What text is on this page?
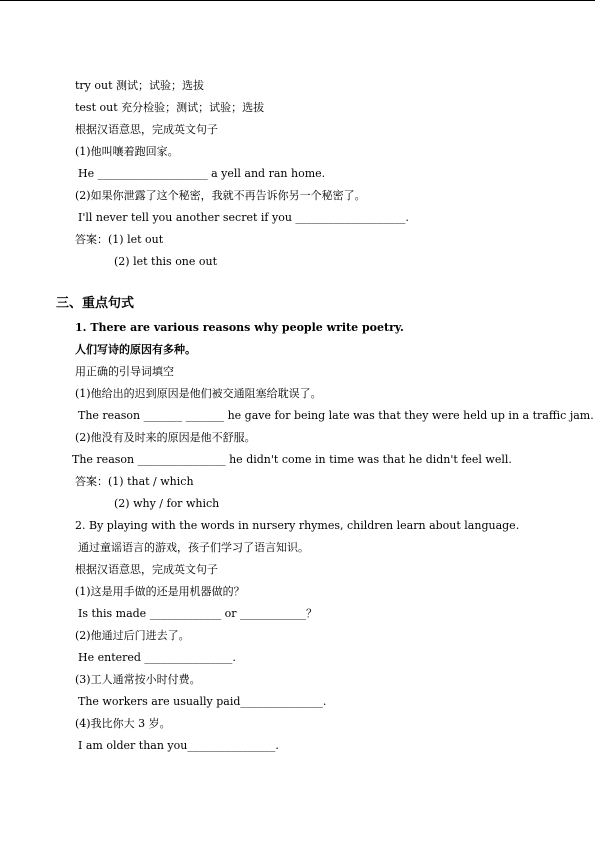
try out 测试；试验；选拔
test out 充分检验；测试；试验；选拔
根据汉语意思，完成英文句子
(1)他叫嚷着跑回家。
He ____________________ a yell and ran home.
(2)如果你泄露了这个秘密，我就不再告诉你另一个秘密了。
I'll never tell you another secret if you ____________________.
答案：(1) let out
(2) let this one out
三、重点句式
1. There are various reasons why people write poetry.
人们写诗的原因有多种。
用正确的引导词填空
(1)他给出的迟到原因是他们被交通阻塞给耽误了。
The reason _______ _______ he gave for being late was that they were held up in a traffic jam.
(2)他没有及时来的原因是他不舒服。
The reason ________________ he didn't come in time was that he didn't feel well.
答案：(1) that / which
(2) why / for which
2. By playing with the words in nursery rhymes, children learn about language.
通过童谣语言的游戏，孩子们学习了语言知识。
根据汉语意思，完成英文句子
(1)这是用手做的还是用机器做的？
Is this made _____________ or ____________？
(2)他通过后门进去了。
He entered ________________.
(3)工人通常按小时付费。
The workers are usually paid_______________.
(4)我比你大 3 岁。
I am older than you________________.
